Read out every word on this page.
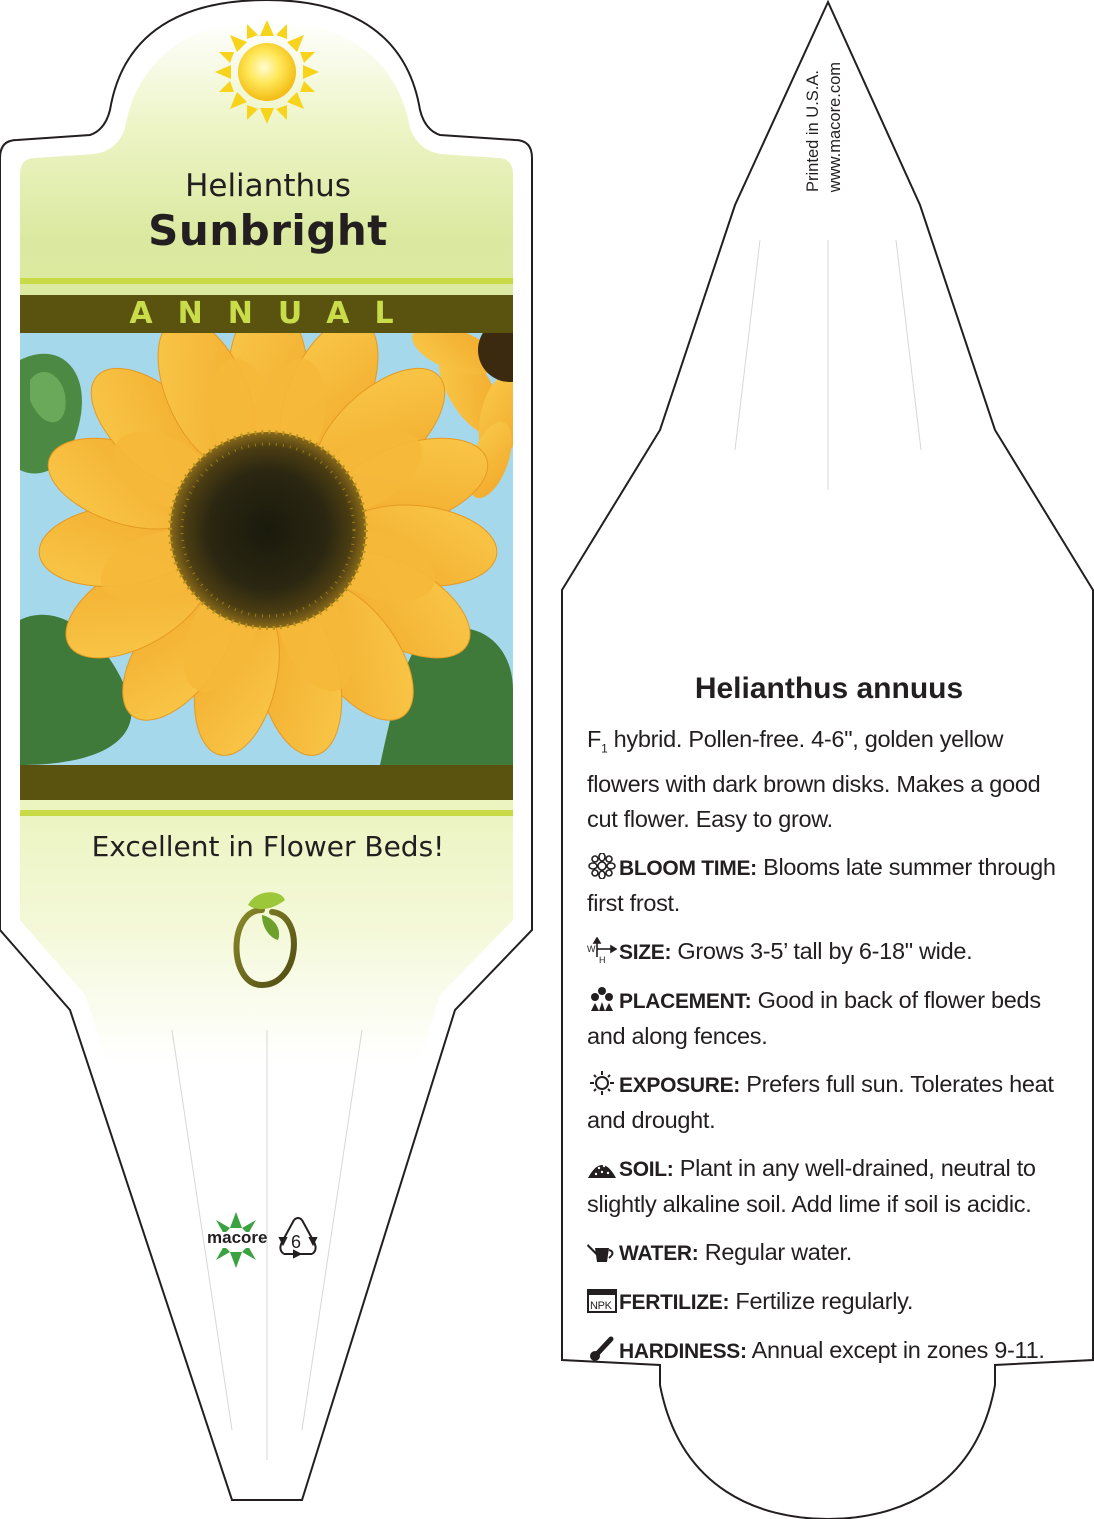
Helianthus
Sunbright
ANNUAL
Excellent in Flower Beds!
macore 6
Printed in U.S.A. www.macore.com
Helianthus annuus

$F_1$ hybrid. Pollen-free. 4-6", golden yellow flowers with dark brown disks. Makes a good cut flower. Easy to grow.

BLOOM TIME: Blooms late summer through first frost.

W
H SIZE: Grows 3-5’ tall by 6-18" wide.

PLACEMENT: Good in back of flower beds and along fences.

EXPOSURE: Prefers full sun. Tolerates heat and drought.

SOIL: Plant in any well-drained, neutral to slightly alkaline soil. Add lime if soil is acidic.

WATER: Regular water.

NPK FERTILIZE: Fertilize regularly.

HARDINESS: Annual except in zones 9-11.
